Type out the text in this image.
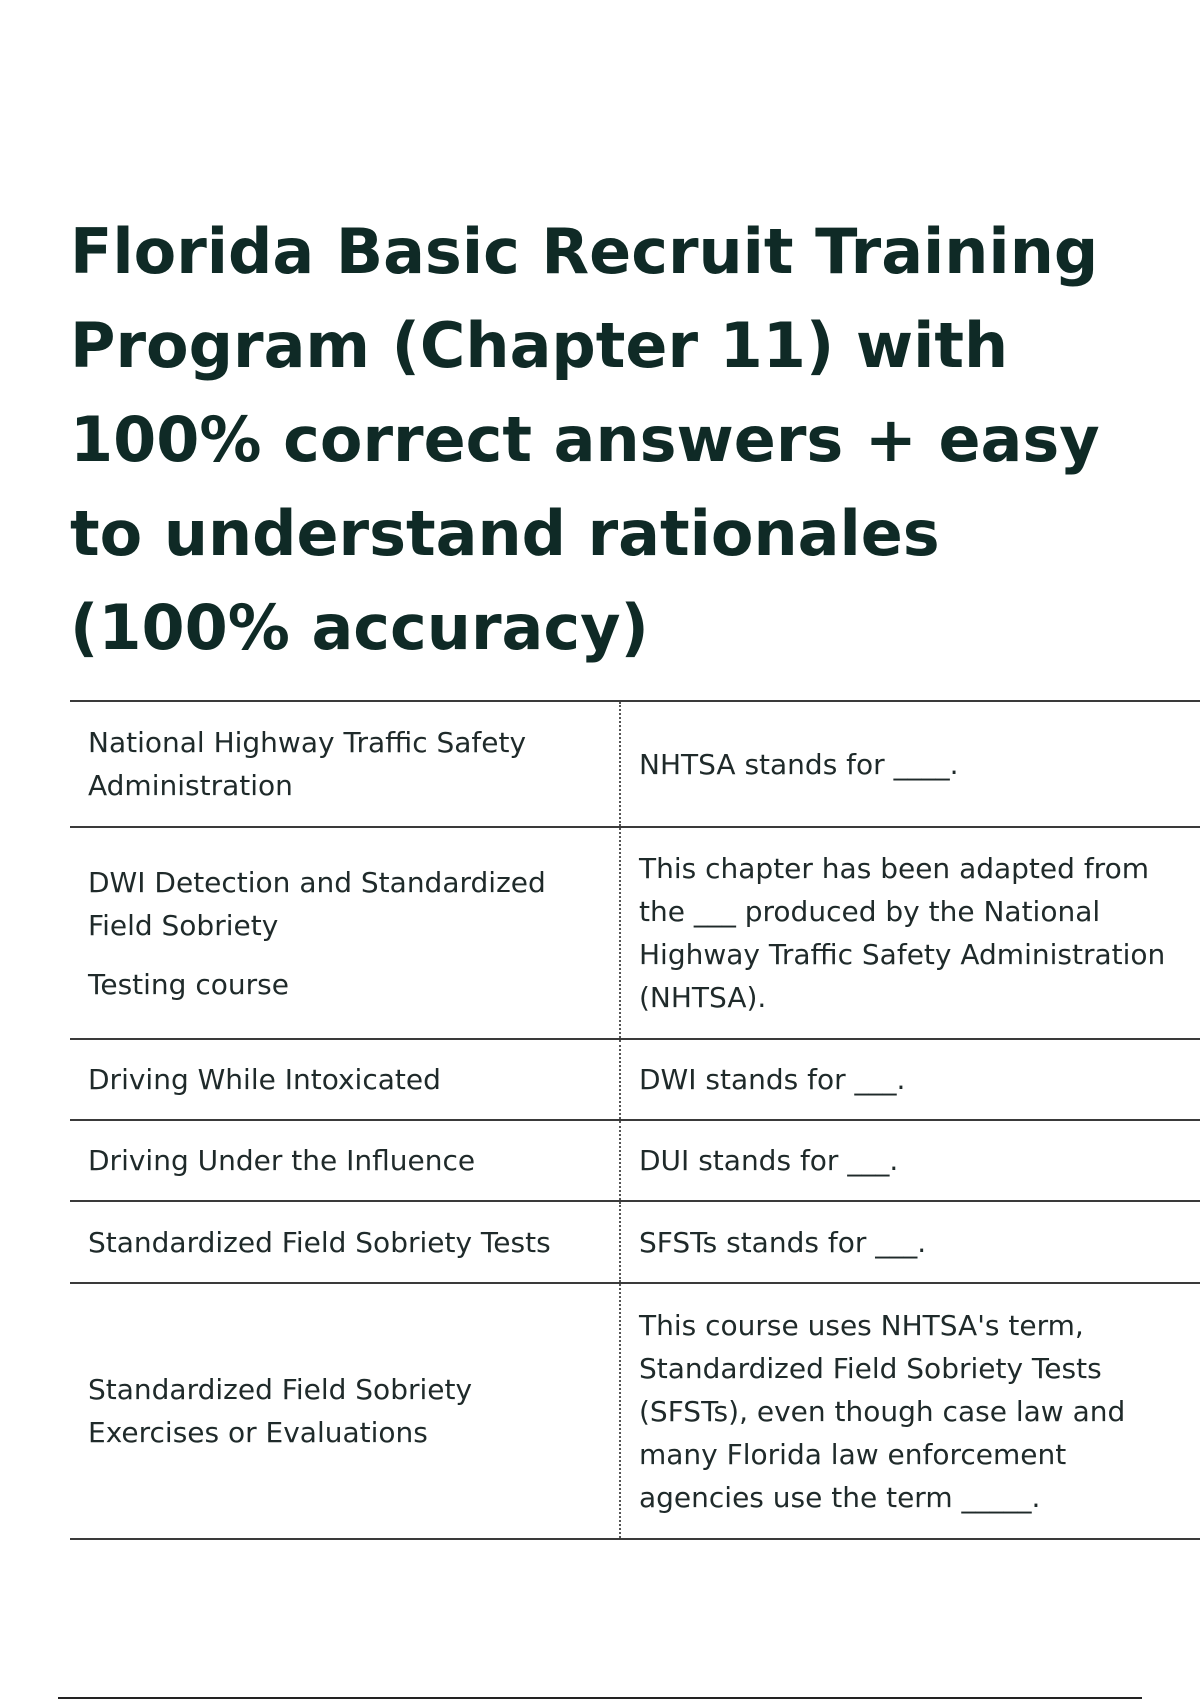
Florida Basic Recruit Training Program (Chapter 11) with 100% correct answers + easy to understand rationales (100% accuracy)
National Highway Traffic Safety Administration	NHTSA stands for ____.

DWI Detection and Standardized Field Sobriety
Testing course	This chapter has been adapted from the ___ produced by the National Highway Traffic Safety Administration (NHTSA).

Driving While Intoxicated	DWI stands for ___.

Driving Under the Influence	DUI stands for ___.

Standardized Field Sobriety Tests	SFSTs stands for ___.

Standardized Field Sobriety Exercises or Evaluations	This course uses NHTSA's term, Standardized Field Sobriety Tests (SFSTs), even though case law and many Florida law enforcement agencies use the term _____.
